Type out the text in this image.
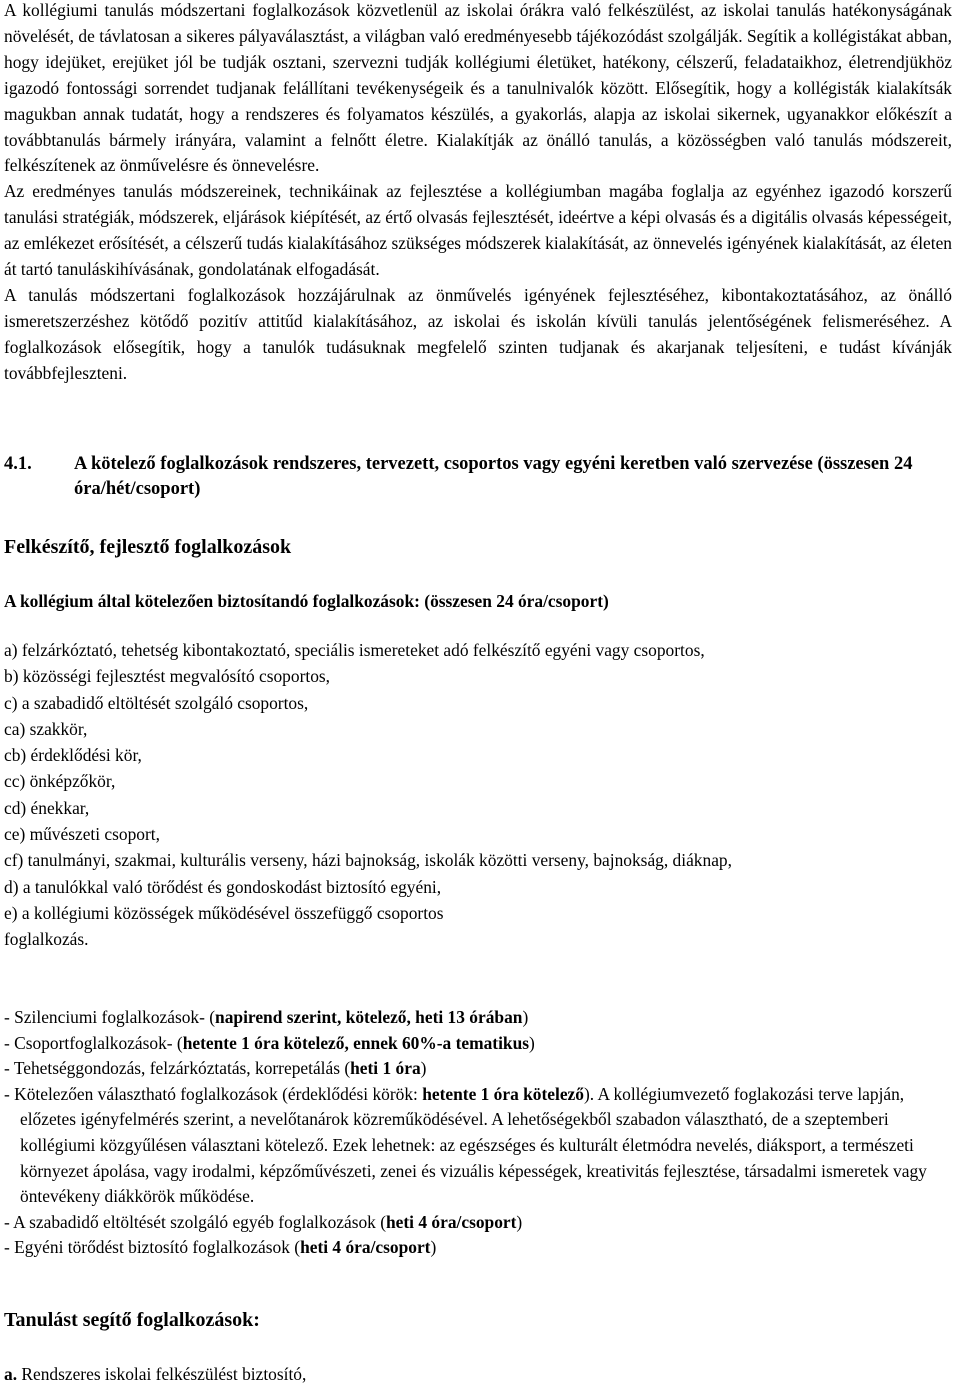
A kollégiumi tanulás módszertani foglalkozások közvetlenül az iskolai órákra való felkészülést, az iskolai tanulás hatékonyságának növelését, de távlatosan a sikeres pályaválasztást, a világban való eredményesebb tájékozódást szolgálják. Segítik a kollégistákat abban, hogy idejüket, erejüket jól be tudják osztani, szervezni tudják kollégiumi életüket, hatékony, célszerű, feladataikhoz, életrendjükhöz igazodó fontossági sorrendet tudjanak felállítani tevékenységeik és a tanulnivalók között. Elősegítik, hogy a kollégisták kialakítsák magukban annak tudatát, hogy a rendszeres és folyamatos készülés, a gyakorlás, alapja az iskolai sikernek, ugyanakkor előkészít a továbbtanulás bármely irányára, valamint a felnőtt életre. Kialakítják az önálló tanulás, a közösségben való tanulás módszereit, felkészítenek az önművelésre és önnevelésre.

Az eredményes tanulás módszereinek, technikáinak az fejlesztése a kollégiumban magába foglalja az egyénhez igazodó korszerű tanulási stratégiák, módszerek, eljárások kiépítését, az értő olvasás fejlesztését, ideértve a képi olvasás és a digitális olvasás képességeit, az emlékezet erősítését, a célszerű tudás kialakításához szükséges módszerek kialakítását, az önnevelés igényének kialakítását, az életen át tartó tanuláskihívásának, gondolatának elfogadását.

A tanulás módszertani foglalkozások hozzájárulnak az önművelés igényének fejlesztéséhez, kibontakoztatásához, az önálló ismeretszerzéshez kötődő pozitív attitűd kialakításához, az iskolai és iskolán kívüli tanulás jelentőségének felismeréséhez. A foglalkozások elősegítik, hogy a tanulók tudásuknak megfelelő szinten tudjanak és akarjanak teljesíteni, e tudást kívánják továbbfejleszteni.

4.1. A kötelező foglalkozások rendszeres, tervezett, csoportos vagy egyéni keretben való szervezése (összesen 24 óra/hét/csoport)
Felkészítő, fejlesztő foglalkozások
A kollégium által kötelezően biztosítandó foglalkozások: (összesen 24 óra/csoport)
a) felzárkóztató, tehetség kibontakoztató, speciális ismereteket adó felkészítő egyéni vagy csoportos,
b) közösségi fejlesztést megvalósító csoportos,
c) a szabadidő eltöltését szolgáló csoportos,
ca) szakkör,
cb) érdeklődési kör,
cc) önképzőkör,
cd) énekkar,
ce) művészeti csoport,
cf) tanulmányi, szakmai, kulturális verseny, házi bajnokság, iskolák közötti verseny, bajnokság, diáknap,
d) a tanulókkal való törődést és gondoskodást biztosító egyéni,
e) a kollégiumi közösségek működésével összefüggő csoportos
foglalkozás.
- Szilenciumi foglalkozások- (napirend szerint, kötelező, heti 13 órában)
- Csoportfoglalkozások- (hetente 1 óra kötelező, ennek 60%-a tematikus)
- Tehetséggondozás, felzárkóztatás, korrepetálás (heti 1 óra)
- Kötelezően választható foglalkozások (érdeklődési körök: hetente 1 óra kötelező). A kollégiumvezető foglakozási terve lapján, előzetes igényfelmérés szerint, a nevelőtanárok közreműködésével. A lehetőségekből szabadon választható, de a szeptemberi kollégiumi közgyűlésen választani kötelező. Ezek lehetnek: az egészséges és kulturált életmódra nevelés, diáksport, a természeti környezet ápolása, vagy irodalmi, képzőművészeti, zenei és vizuális képességek, kreativitás fejlesztése, társadalmi ismeretek vagy öntevékeny diákkörök működése.
- A szabadidő eltöltését szolgáló egyéb foglalkozások (heti 4 óra/csoport)
- Egyéni törődést biztosító foglalkozások (heti 4 óra/csoport)
Tanulást segítő foglalkozások:
a. Rendszeres iskolai felkészülést biztosító,
